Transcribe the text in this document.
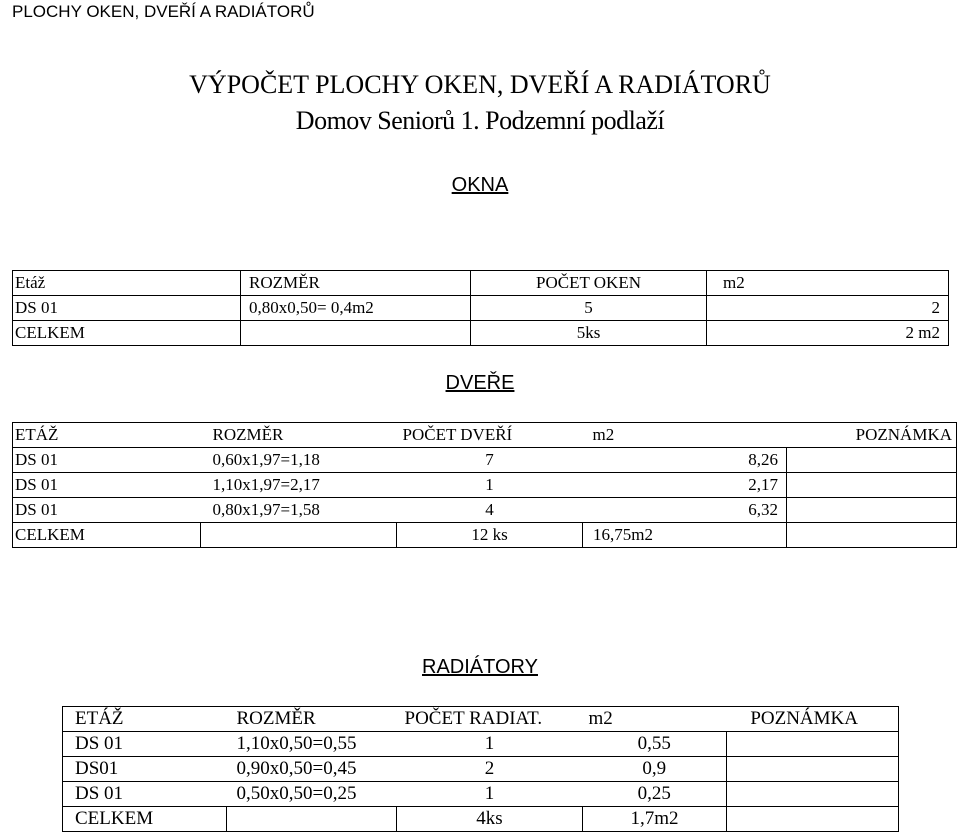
PLOCHY OKEN, DVEŘÍ A RADIÁTORŮ
VÝPOČET PLOCHY OKEN, DVEŘÍ A RADIÁTORŮ
Domov Seniorů 1. Podzemní podlaží
OKNA
Etáž	ROZMĚR	POČET OKEN	m2
DS 01	0,80x0,50= 0,4m2	5	2
CELKEM		5ks	2 m2
DVEŘE
ETÁŽ	ROZMĚR	POČET DVEŘÍ	m2	POZNÁMKA
DS 01	0,60x1,97=1,18	7	8,26	
DS 01	1,10x1,97=2,17	1	2,17	
DS 01	0,80x1,97=1,58	4	6,32	
CELKEM		12 ks	16,75m2	
RADIÁTORY
ETÁŽ	ROZMĚR	POČET RADIAT.	m2	POZNÁMKA
DS 01	1,10x0,50=0,55	1	0,55	
DS01	0,90x0,50=0,45	2	0,9	
DS 01	0,50x0,50=0,25	1	0,25	
CELKEM		4ks	1,7m2	
